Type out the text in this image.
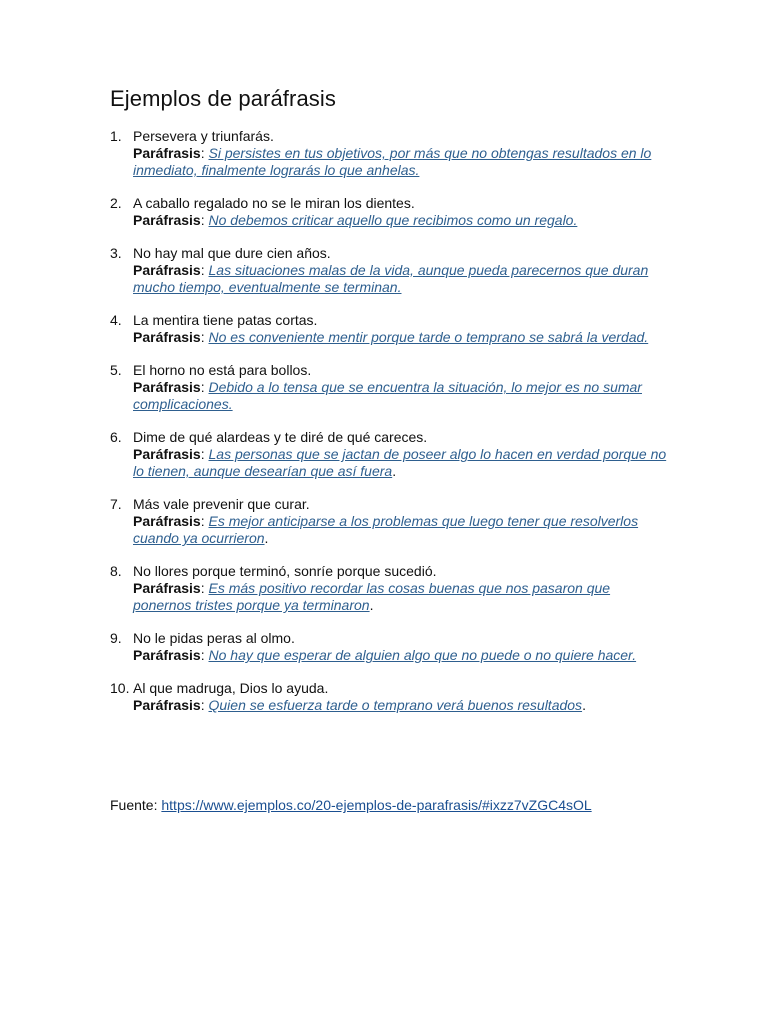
Ejemplos de paráfrasis
1. Persevera y triunfarás.
Paráfrasis: Si persistes en tus objetivos, por más que no obtengas resultados en lo inmediato, finalmente lograrás lo que anhelas.
2. A caballo regalado no se le miran los dientes.
Paráfrasis: No debemos criticar aquello que recibimos como un regalo.
3. No hay mal que dure cien años.
Paráfrasis: Las situaciones malas de la vida, aunque pueda parecernos que duran mucho tiempo, eventualmente se terminan.
4. La mentira tiene patas cortas.
Paráfrasis: No es conveniente mentir porque tarde o temprano se sabrá la verdad.
5. El horno no está para bollos.
Paráfrasis: Debido a lo tensa que se encuentra la situación, lo mejor es no sumar complicaciones.
6. Dime de qué alardeas y te diré de qué careces.
Paráfrasis: Las personas que se jactan de poseer algo lo hacen en verdad porque no lo tienen, aunque desearían que así fuera.
7. Más vale prevenir que curar.
Paráfrasis: Es mejor anticiparse a los problemas que luego tener que resolverlos cuando ya ocurrieron.
8. No llores porque terminó, sonríe porque sucedió.
Paráfrasis: Es más positivo recordar las cosas buenas que nos pasaron que ponernos tristes porque ya terminaron.
9. No le pidas peras al olmo.
Paráfrasis: No hay que esperar de alguien algo que no puede o no quiere hacer.
10. Al que madruga, Dios lo ayuda.
Paráfrasis: Quien se esfuerza tarde o temprano verá buenos resultados.
Fuente: https://www.ejemplos.co/20-ejemplos-de-parafrasis/#ixzz7vZGC4sOL
